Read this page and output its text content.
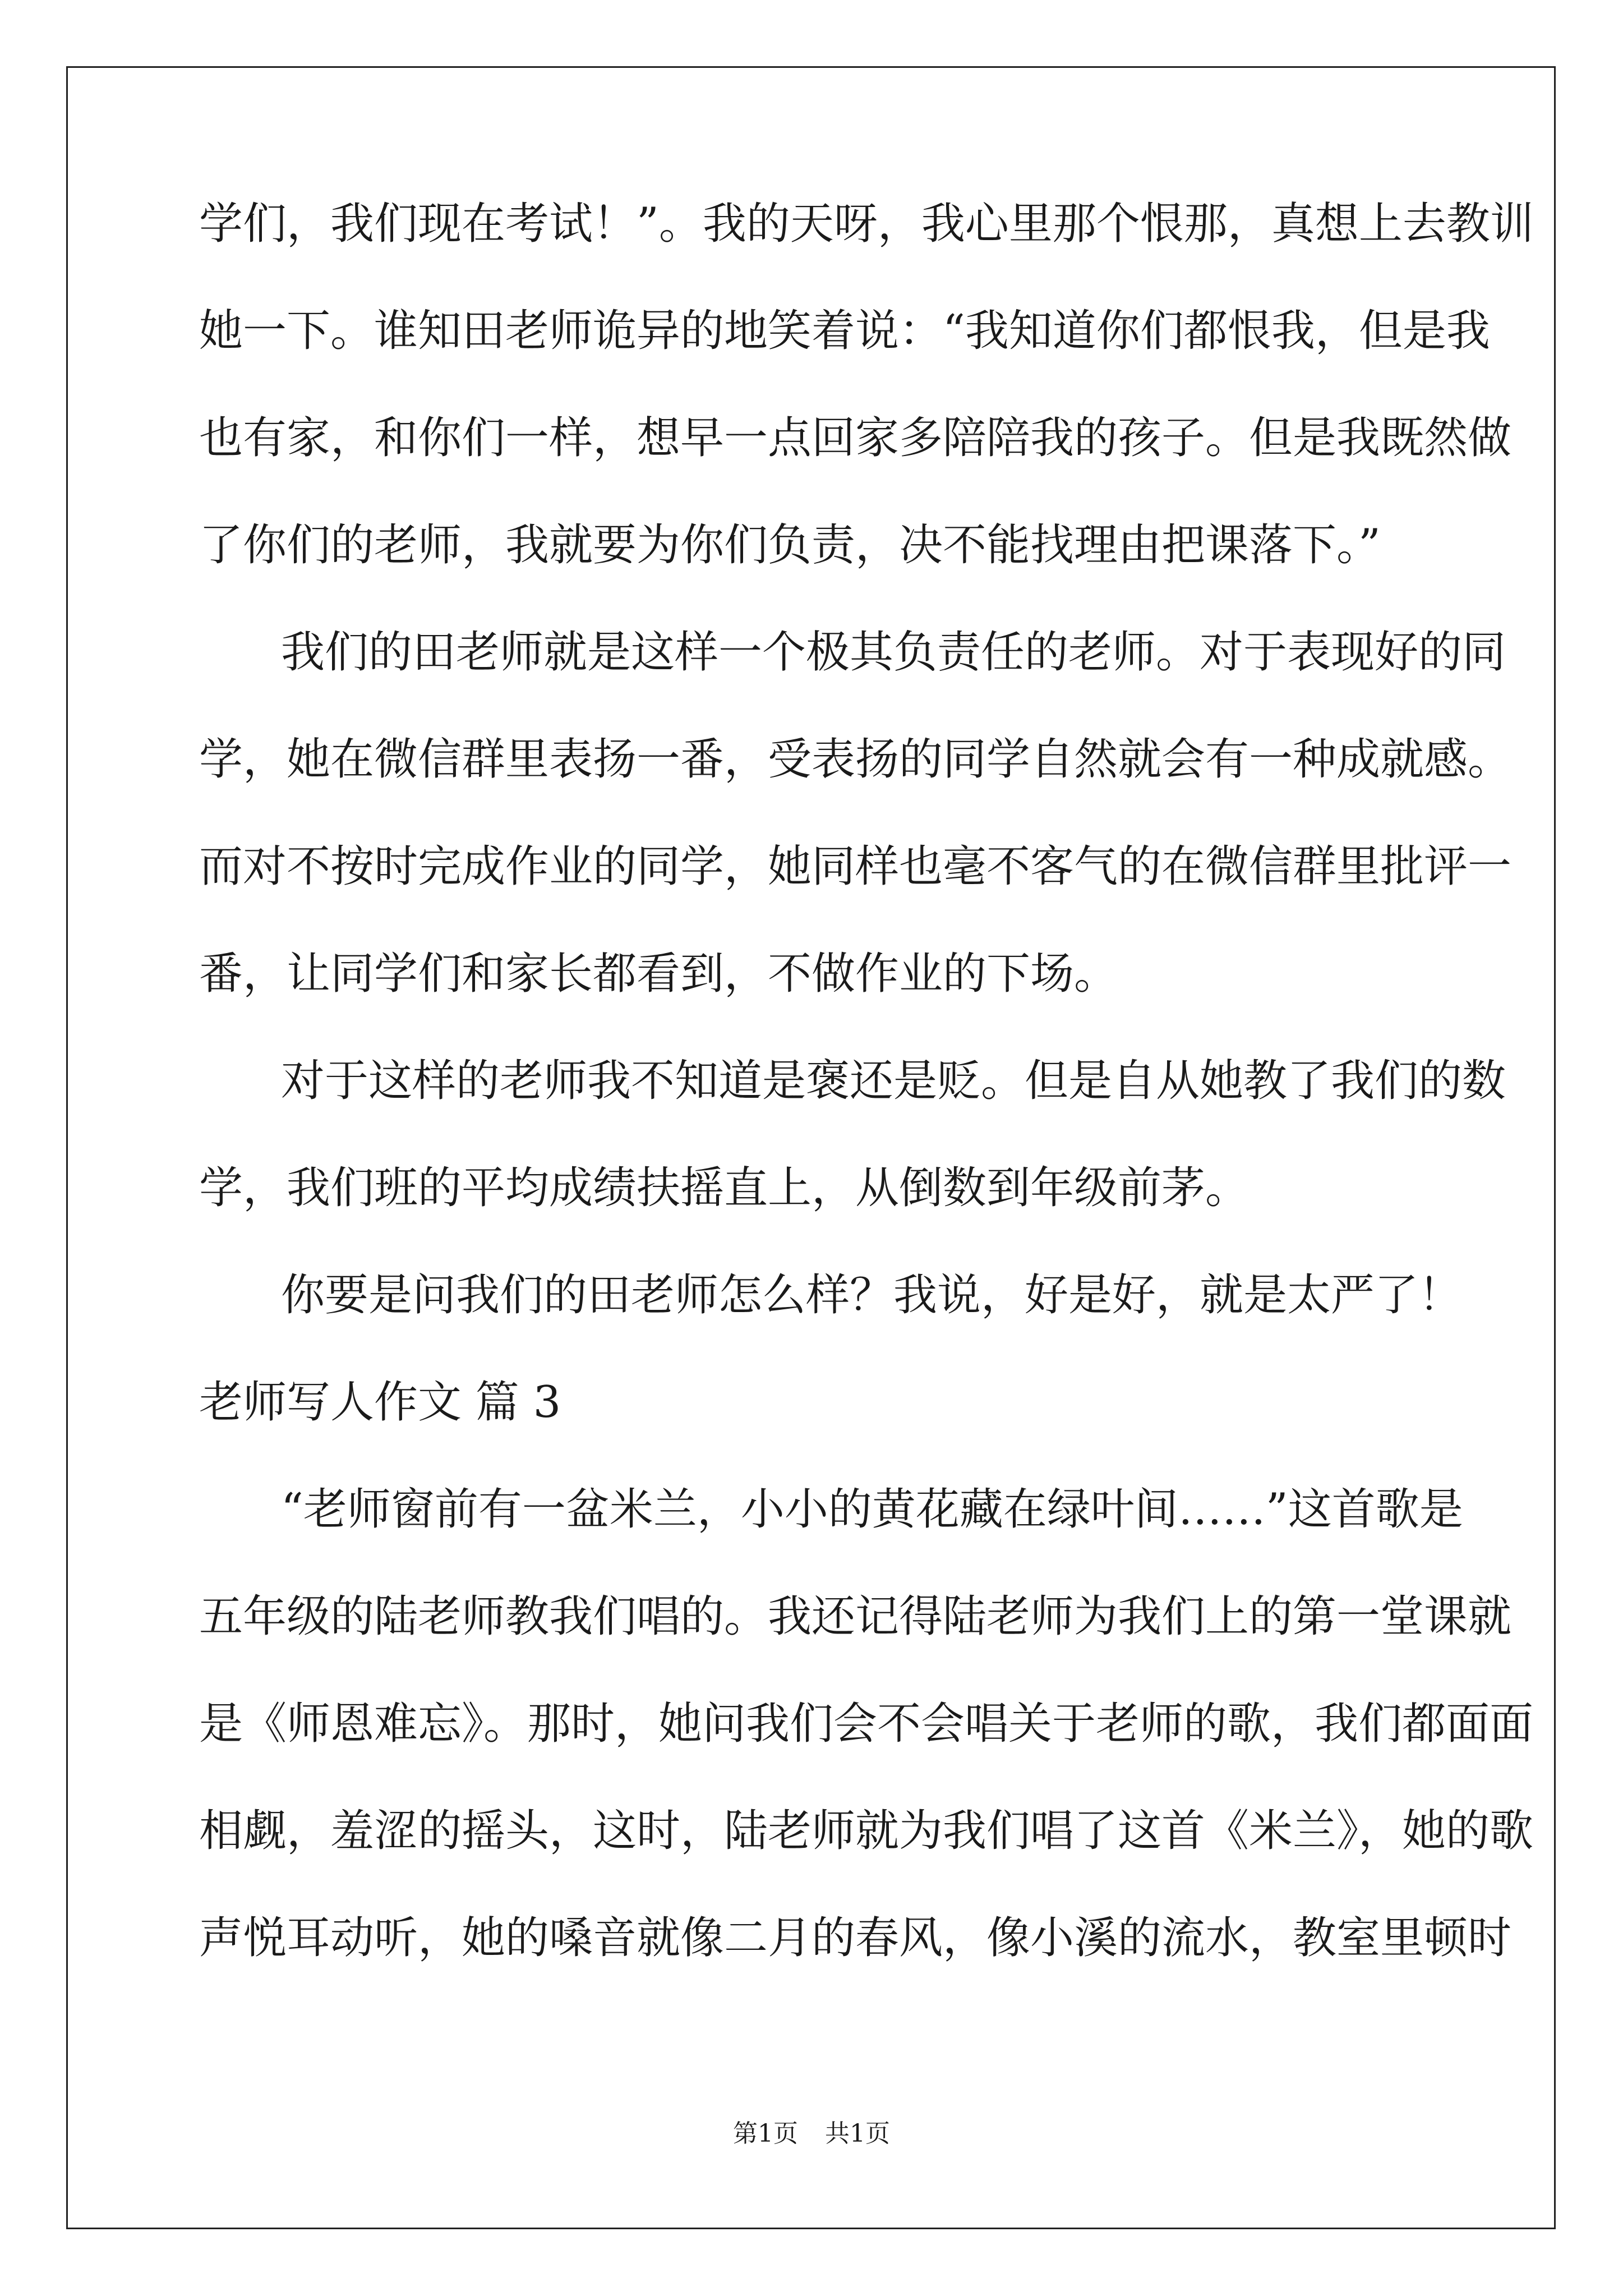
学们，我们现在考试！”。我的天呀，我心里那个恨那，真想上去教训
她一下。谁知田老师诡异的地笑着说：“我知道你们都恨我，但是我
也有家，和你们一样，想早一点回家多陪陪我的孩子。但是我既然做
了你们的老师，我就要为你们负责，决不能找理由把课落下。”
我们的田老师就是这样一个极其负责任的老师。对于表现好的同
学，她在微信群里表扬一番，受表扬的同学自然就会有一种成就感。
而对不按时完成作业的同学，她同样也毫不客气的在微信群里批评一
番，让同学们和家长都看到，不做作业的下场。
对于这样的老师我不知道是褒还是贬。但是自从她教了我们的数
学，我们班的平均成绩扶摇直上，从倒数到年级前茅。
你要是问我们的田老师怎么样？我说，好是好，就是太严了！
老师写人作文 篇 3
“老师窗前有一盆米兰，小小的黄花藏在绿叶间……”这首歌是
五年级的陆老师教我们唱的。我还记得陆老师为我们上的第一堂课就
是《师恩难忘》。那时，她问我们会不会唱关于老师的歌，我们都面面
相觑，羞涩的摇头，这时，陆老师就为我们唱了这首《米兰》，她的歌
声悦耳动听，她的嗓音就像二月的春风，像小溪的流水，教室里顿时
第1页 共1页
